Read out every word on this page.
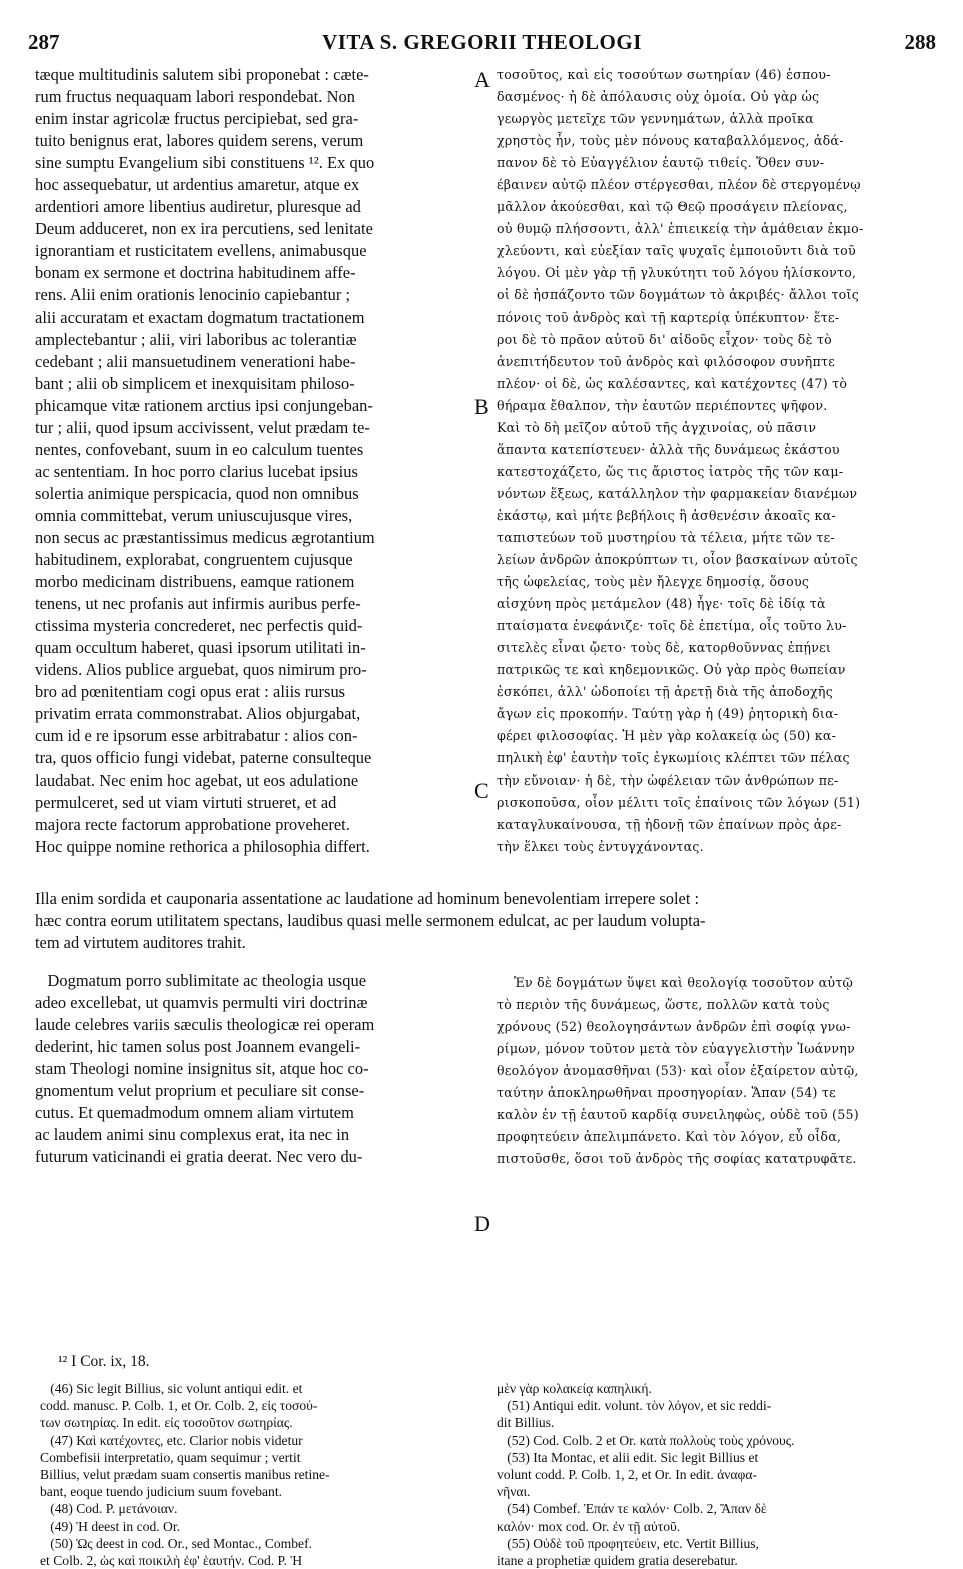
287	VITA S. GREGORII THEOLOGI	288
tæque multitudinis salutem sibi proponebat : cæte-
rum fructus nequaquam labori respondebat. Non
enim instar agricolæ fructus percipiebat, sed gra-
tuito benignus erat, labores quidem serens, verum
sine sumptu Evangelium sibi constituens ¹². Ex quo
hoc assequebatur, ut ardentius amaretur, atque ex
ardentiori amore libentius audiretur, pluresque ad
Deum adduceret, non ex ira percutiens, sed lenitate
ignorantiam et rusticitatem evellens, animabusque
bonam ex sermone et doctrina habitudinem affe-
rens. Alii enim orationis lenocinio capiebantur ;
alii accuratam et exactam dogmatum tractationem
amplectebantur ; alii, viri laboribus ac tolerantiæ
cedebant ; alii mansuetudinem venerationi habe-
bant ; alii ob simplicem et inexquisitam philoso-
phicamque vitæ rationem arctius ipsi conjungeban-
tur ; alii, quod ipsum accivissent, velut prædam te-
nentes, confovebant, suum in eo calculum tuentes
ac sententiam. In hoc porro clarius lucebat ipsius
solertia animique perspicacia, quod non omnibus
omnia committebat, verum uniuscujusque vires,
non secus ac præstantissimus medicus ægrotantium
habitudinem, explorabat, congruentem cujusque
morbo medicinam distribuens, eamque rationem
tenens, ut nec profanis aut infirmis auribus perfe-
ctissima mysteria concrederet, nec perfectis quid-
quam occultum haberet, quasi ipsorum utilitati in-
videns. Alios publice arguebat, quos nimirum pro-
bro ad pœnitentiam cogi opus erat : aliis rursus
privatim errata commonstrabat. Alios objurgabat,
cum id e re ipsorum esse arbitrabatur : alios con-
tra, quos officio fungi videbat, paterne consulteque
laudabat. Nec enim hoc agebat, ut eos adulatione
permulceret, sed ut viam virtuti strueret, et ad
majora recte factorum approbatione proveheret.
Hoc quippe nomine rethorica a philosophia differt.
τοσοῦτος, καὶ εἰς τοσούτων σωτηρίαν (46) ἐσπου-
δασμένος· ἡ δὲ ἀπόλαυσις οὐχ ὁμοία. Οὐ γὰρ ὡς
γεωργὸς μετεῖχε τῶν γεννημάτων, ἀλλὰ προῖκα
χρηστὸς ἦν, τοὺς μὲν πόνους καταβαλλόμενος, ἀδά-
πανον δὲ τὸ Εὐαγγέλιον ἑαυτῷ τιθείς. Ὅθεν συν-
έβαινεν αὐτῷ πλέον στέργεσθαι, πλέον δὲ στεργομένῳ
μᾶλλον ἀκούεσθαι, καὶ τῷ Θεῷ προσάγειν πλείονας,
οὐ θυμῷ πλήσσοντι, ἀλλ' ἐπιεικείᾳ τὴν ἀμάθειαν ἐκμο-
χλεύοντι, καὶ εὐεξίαν ταῖς ψυχαῖς ἐμποιοῦντι διὰ τοῦ
λόγου. Οἱ μὲν γὰρ τῇ γλυκύτητι τοῦ λόγου ἡλίσκοντο,
οἱ δὲ ἠσπάζοντο τῶν δογμάτων τὸ ἀκριβές· ἄλλοι τοῖς
πόνοις τοῦ ἀνδρὸς καὶ τῇ καρτερίᾳ ὑπέκυπτον· ἕτε-
ροι δὲ τὸ πρᾶον αὐτοῦ δι' αἰδοῦς εἶχον· τοὺς δὲ τὸ
ἀνεπιτήδευτον τοῦ ἀνδρὸς καὶ φιλόσοφον συνῆπτε
πλέον· οἱ δὲ, ὡς καλέσαντες, καὶ κατέχοντες (47) τὸ
θήραμα ἔθαλπον, τὴν ἑαυτῶν περιέποντες ψῆφον.
Καὶ τὸ δὴ μεῖζον αὐτοῦ τῆς ἀγχινοίας, οὐ πᾶσιν
ἅπαντα κατεπίστευεν· ἀλλὰ τῆς δυνάμεως ἑκάστου
κατεστοχάζετο, ὥς τις ἄριστος ἰατρὸς τῆς τῶν καμ-
νόντων ἕξεως, κατάλληλον τὴν φαρμακείαν διανέμων
ἑκάστῳ, καὶ μήτε βεβήλοις ἢ ἀσθενέσιν ἀκοαῖς κα-
ταπιστεύων τοῦ μυστηρίου τὰ τέλεια, μήτε τῶν τε-
λείων ἀνδρῶν ἀποκρύπτων τι, οἷον βασκαίνων αὐτοῖς
τῆς ὠφελείας, τοὺς μὲν ἤλεγχε δημοσίᾳ, ὅσους
αἰσχύνη πρὸς μετάμελον (48) ἦγε· τοῖς δὲ ἰδίᾳ τὰ
πταίσματα ἐνεφάνιζε· τοῖς δὲ ἐπετίμα, οἷς τοῦτο λυ-
σιτελὲς εἶναι ᾤετο· τοὺς δὲ, κατορθοῦννας ἐπῄνει
πατρικῶς τε καὶ κηδεμονικῶς. Οὐ γὰρ πρὸς θωπείαν
ἐσκόπει, ἀλλ' ὡδοποίει τῇ ἀρετῇ διὰ τῆς ἀποδοχῆς
ἄγων εἰς προκοπήν. Ταύτῃ γὰρ ἡ (49) ῥητορικὴ δια-
φέρει φιλοσοφίας. Ἡ μὲν γὰρ κολακείᾳ ὡς (50) κα-
πηλικὴ ἐφ' ἑαυτὴν τοῖς ἐγκωμίοις κλέπτει τῶν πέλας
τὴν εὔνοιαν· ἡ δὲ, τὴν ὠφέλειαν τῶν ἀνθρώπων πε-
ρισκοποῦσα, οἷον μέλιτι τοῖς ἐπαίνοις τῶν λόγων (51)
καταγλυκαίνουσα, τῇ ἡδονῇ τῶν ἐπαίνων πρὸς ἀρε-
τὴν ἕλκει τοὺς ἐντυγχάνοντας.
A
B
C
D
Illa enim sordida et cauponaria assentatione ac laudatione ad hominum benevolentiam irrepere solet :
hæc contra eorum utilitatem spectans, laudibus quasi melle sermonem edulcat, ac per laudum volupta-
tem ad virtutem auditores trahit.
Dogmatum porro sublimitate ac theologia usque
adeo excellebat, ut quamvis permulti viri doctrinæ
laude celebres variis sæculis theologicæ rei operam
dederint, hic tamen solus post Joannem evangeli-
stam Theologi nomine insignitus sit, atque hoc co-
gnomentum velut proprium et peculiare sit conse-
cutus. Et quemadmodum omnem aliam virtutem
ac laudem animi sinu complexus erat, ita nec in
futurum vaticinandi ei gratia deerat. Nec vero du-
Ἐν δὲ δογμάτων ὕψει καὶ θεολογίᾳ τοσοῦτον αὐτῷ
τὸ περιὸν τῆς δυνάμεως, ὥστε, πολλῶν κατὰ τοὺς
χρόνους (52) θεολογησάντων ἀνδρῶν ἐπὶ σοφίᾳ γνω-
ρίμων, μόνον τοῦτον μετὰ τὸν εὐαγγελιστὴν Ἰωάννην
θεολόγον ἀνομασθῆναι (53)· καὶ οἷον ἐξαίρετον αὐτῷ,
ταύτην ἀποκληρωθῆναι προσηγορίαν. Ἅπαν (54) τε
καλὸν ἐν τῇ ἑαυτοῦ καρδίᾳ συνειληφὼς, οὐδὲ τοῦ (55)
προφητεύειν ἀπελιμπάνετο. Καὶ τὸν λόγον, εὖ οἶδα,
πιστοῦσθε, ὅσοι τοῦ ἀνδρὸς τῆς σοφίας κατατρυφᾶτε.
¹² I Cor. ix, 18.
(46) Sic legit Billius, sic volunt antiqui edit. et
codd. manusc. P. Colb. 1, et Or. Colb. 2, εἰς τοσού-
των σωτηρίας. In edit. εἰς τοσοῦτον σωτηρίας.
(47) Καὶ κατέχοντες, etc. Clarior nobis videtur
Combefisii interpretatio, quam sequimur ; vertit
Billius, velut prædam suam consertis manibus retine-
bant, eoque tuendo judicium suum fovebant.
(48) Cod. P. μετάνοιαν.
(49) Ἡ deest in cod. Or.
(50) Ὡς deest in cod. Or., sed Montac., Combef.
et Colb. 2, ὡς καὶ ποικιλὴ ἐφ' ἑαυτήν. Cod. P. Ἡ
μὲν γὰρ κολακείᾳ καπηλική.
(51) Antiqui edit. volunt. τὸν λόγον, et sic reddi-
dit Billius.
(52) Cod. Colb. 2 et Or. κατὰ πολλοὺς τοὺς χρόνους.
(53) Ita Montac, et alii edit. Sic legit Billius et
volunt codd. P. Colb. 1, 2, et Or. In edit. ἀναφα-
νῆναι.
(54) Combef. Ἐπάν τε καλόν· Colb. 2, Ἅπαν δὲ
καλόν· mox cod. Or. ἐν τῇ αὐτοῦ.
(55) Οὐδὲ τοῦ προφητεύειν, etc. Vertit Billius,
itane a prophetiæ quidem gratia deserebatur.
